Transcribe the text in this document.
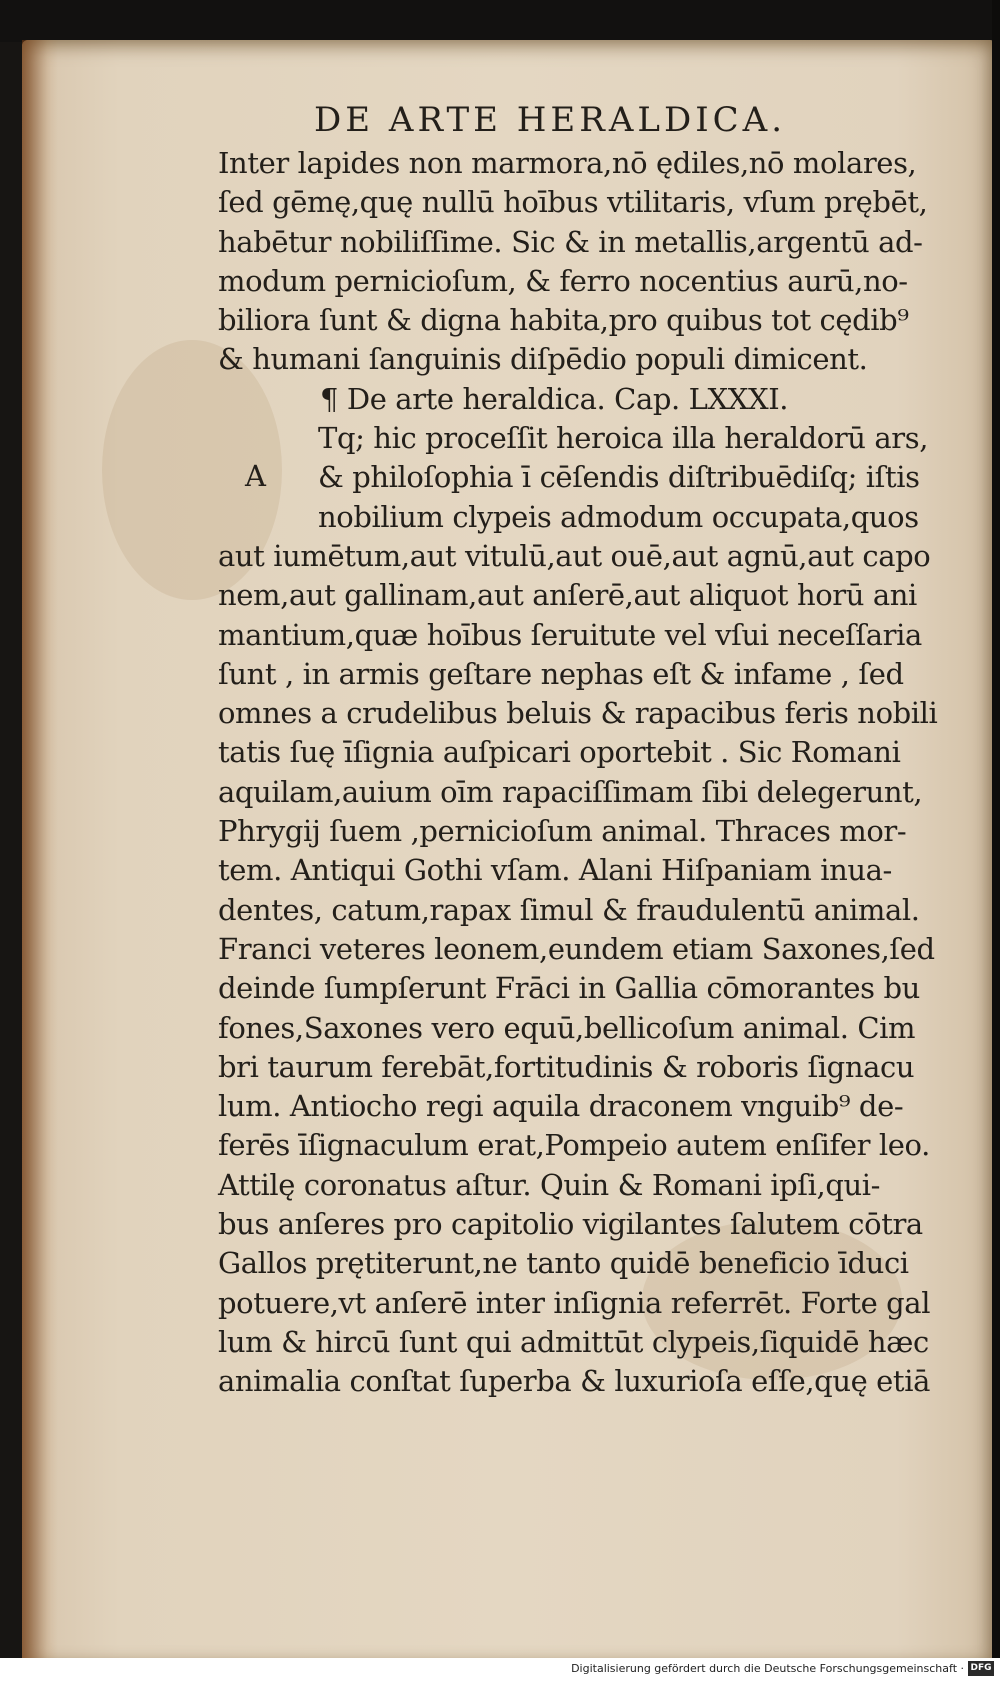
DE ARTE HERALDICA.
A
Inter lapides non marmora,nō ędiles,nō molares,
ſed gēmę,quę nullū hoībus vtilitaris, vſum prębēt,
habētur nobiliſſime. Sic & in metallis,argentū ad-
modum pernicioſum, & ferro nocentius aurū,no-
biliora ſunt & digna habita,pro quibus tot cędib⁹
& humani ſanguinis diſpēdio populi dimicent.
¶ De arte heraldica. Cap. LXXXI.
Tq; hic proceſſit heroica illa heraldorū ars,
& philoſophia ī cēſendis diſtribuēdiſq; iſtis
nobilium clypeis admodum occupata,quos
aut iumētum,aut vitulū,aut ouē,aut agnū,aut capo
nem,aut gallinam,aut anſerē,aut aliquot horū ani
mantium,quæ hoībus ſeruitute vel vſui neceſſaria
ſunt , in armis geſtare nephas eſt & infame , ſed
omnes a crudelibus beluis & rapacibus feris nobili
tatis ſuę īſignia auſpicari oportebit . Sic Romani
aquilam,auium oīm rapaciſſimam ſibi delegerunt,
Phrygij ſuem ,pernicioſum animal. Thraces mor-
tem. Antiqui Gothi vſam. Alani Hiſpaniam inua-
dentes, catum,rapax ſimul & fraudulentū animal.
Franci veteres leonem,eundem etiam Saxones,ſed
deinde ſumpſerunt Frāci in Gallia cōmorantes bu
fones,Saxones vero equū,bellicoſum animal. Cim
bri taurum ferebāt,fortitudinis & roboris ſignacu
lum. Antiocho regi aquila draconem vnguib⁹ de-
ferēs īſignaculum erat,Pompeio autem enſifer leo.
Attilę coronatus aſtur. Quin & Romani ipſi,qui-
bus anſeres pro capitolio vigilantes ſalutem cōtra
Gallos prętiterunt,ne tanto quidē beneficio īduci
potuere,vt anſerē inter inſignia referrēt. Forte gal
lum & hircū ſunt qui admittūt clypeis,ſiquidē hæc
animalia conſtat ſuperba & luxurioſa eſſe,quę etiā
Digitalisierung gefördert durch die Deutsche Forschungsgemeinschaft · DFG
